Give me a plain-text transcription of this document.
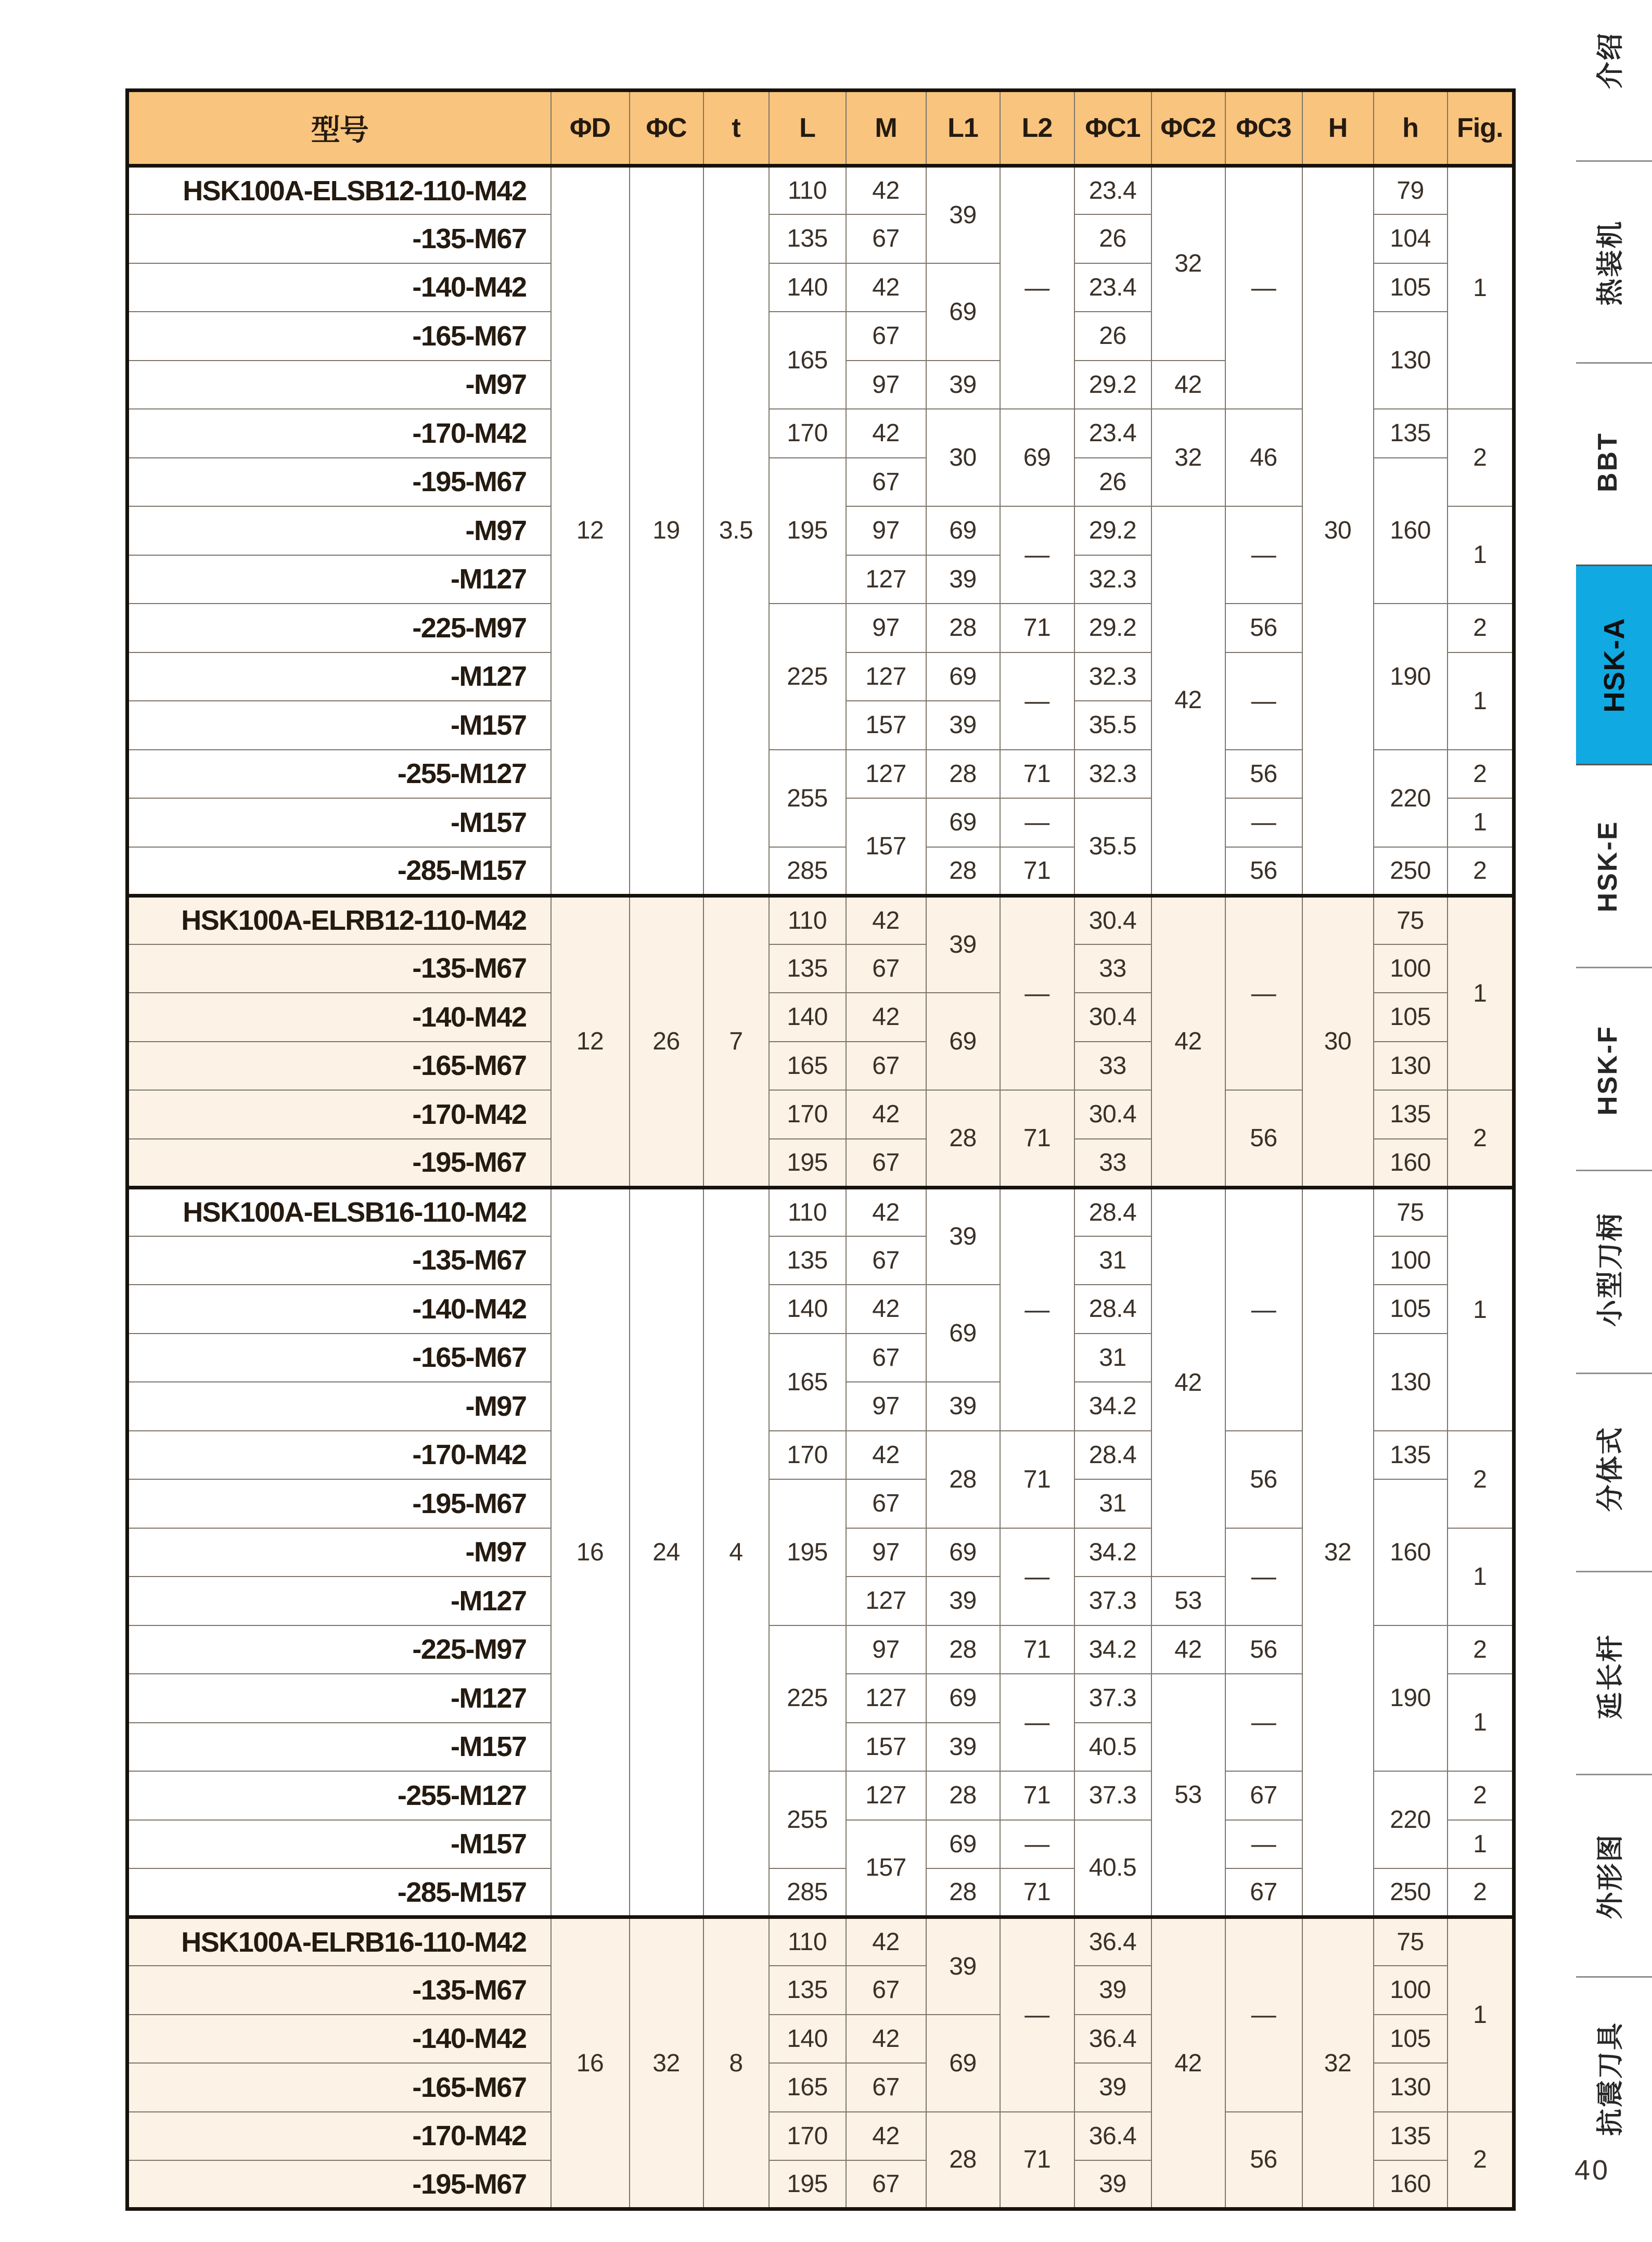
型号	ΦD	ΦC	t	L	M	L1	L2	ΦC1	ΦC2	ΦC3	H	h	Fig.
HSK100A-ELSB12-110-M42	12	19	3.5	110	42	39	—	23.4	32	—	30	79	1
-135-M67				135	67			26				104	
-140-M42				140	42	69		23.4				105	
-165-M67				165	67			26				130	
-M97					97	39		29.2	42				
-170-M42				170	42	30	69	23.4	32	46		135	2
-195-M67				195	67			26				160	
-M97					97	69	—	29.2	42	—			1
-M127					127	39		32.3					
-225-M97				225	97	28	71	29.2		56		190	2
-M127					127	69	—	32.3		—			1
-M157					157	39		35.5					
-255-M127				255	127	28	71	32.3		56		220	2
-M157					157	69	—	35.5		—			1
-285-M157				285		28	71			56		250	2
HSK100A-ELRB12-110-M42	12	26	7	110	42	39	—	30.4	42	—	30	75	1
-135-M67				135	67			33				100	
-140-M42				140	42	69		30.4				105	
-165-M67				165	67			33				130	
-170-M42				170	42	28	71	30.4		56		135	2
-195-M67				195	67			33				160	
HSK100A-ELSB16-110-M42	16	24	4	110	42	39	—	28.4	42	—	32	75	1
-135-M67				135	67			31				100	
-140-M42				140	42	69		28.4				105	
-165-M67				165	67			31				130	
-M97					97	39		34.2					
-170-M42				170	42	28	71	28.4		56		135	2
-195-M67				195	67			31				160	
-M97					97	69	—	34.2		—			1
-M127					127	39		37.3	53				
-225-M97				225	97	28	71	34.2	42	56		190	2
-M127					127	69	—	37.3	53	—			1
-M157					157	39		40.5					
-255-M127				255	127	28	71	37.3		67		220	2
-M157					157	69	—	40.5		—			1
-285-M157				285		28	71			67		250	2
HSK100A-ELRB16-110-M42	16	32	8	110	42	39	—	36.4	42	—	32	75	1
-135-M67				135	67			39				100	
-140-M42				140	42	69		36.4				105	
-165-M67				165	67			39				130	
-170-M42				170	42	28	71	36.4		56		135	2
-195-M67				195	67			39				160	
介绍
热装机
BBT
HSK-A
HSK-E
HSK-F
小型刀柄
分体式
延长杆
外形图
抗震刀具
40
